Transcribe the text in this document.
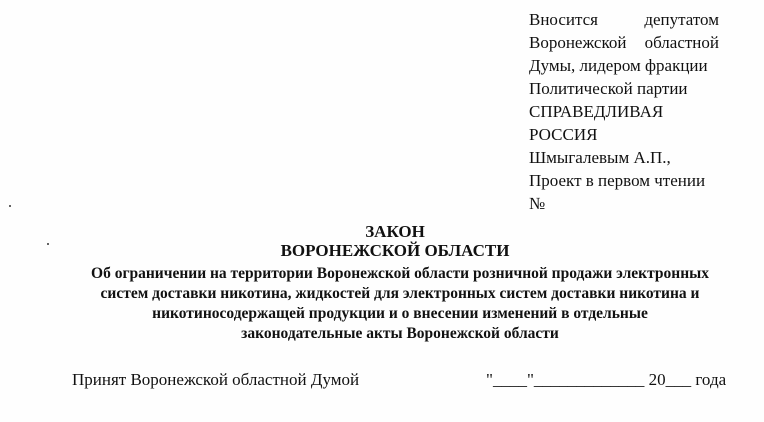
Вносится	депутатом
Воронежской областной
Думы, лидером фракции
Политической партии
СПРАВЕДЛИВАЯ
РОССИЯ
Шмыгалевым А.П.,
Проект в первом чтении
№
ЗАКОН
ВОРОНЕЖСКОЙ ОБЛАСТИ
Об ограничении на территории Воронежской области розничной продажи электронных
систем доставки никотина, жидкостей для электронных систем доставки никотина и
никотиносодержащей продукции и о внесении изменений в отдельные
законодательные акты Воронежской области
Принят Воронежской областной Думой	"____"_____________ 20___ года
